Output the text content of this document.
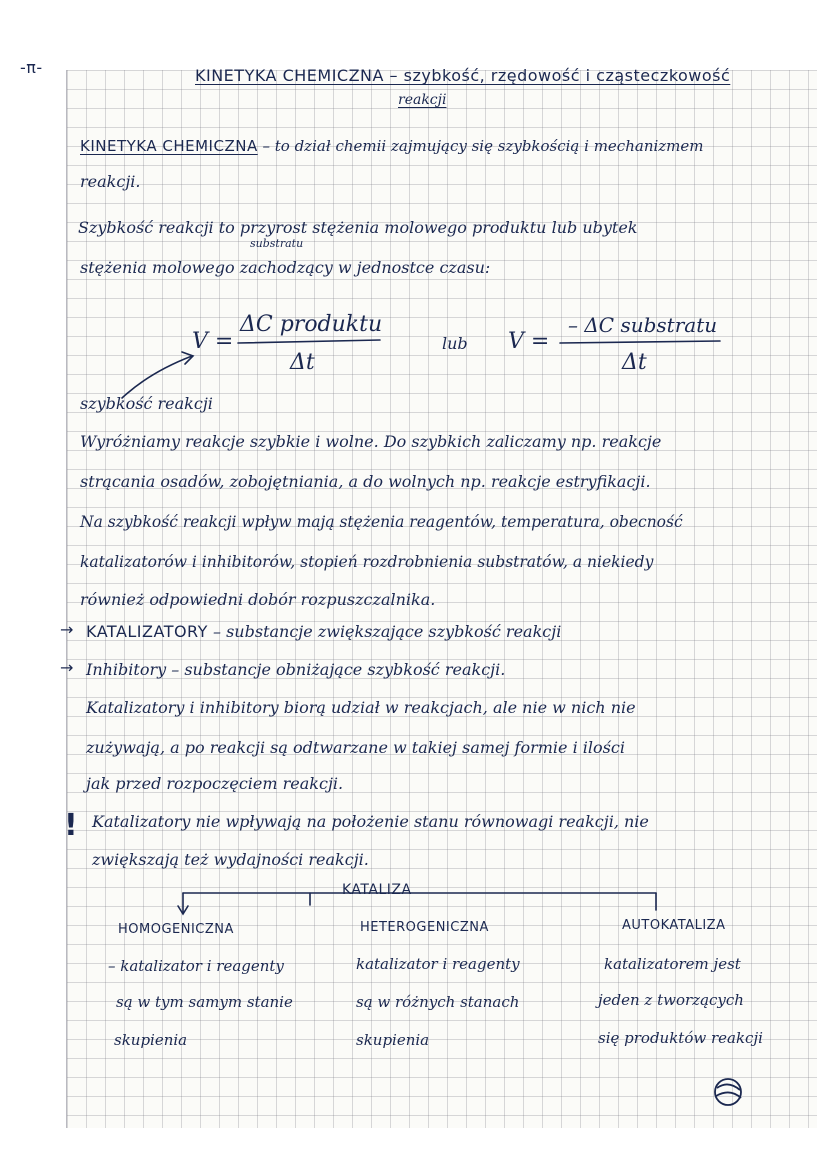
-π-	KINETYKA CHEMICZNA – szybkość, rzędowość i cząsteczkowość
reakcji
KINETYKA CHEMICZNA – to dział chemii zajmujący się szybkością i mechanizmem
reakcji.
Szybkość reakcji to przyrost stężenia molowego produktu lub ubytek
substratu
stężenia molowego zachodzący w jednostce czasu:
V =
ΔC produktu
Δt
lub V =
– ΔC substratu
Δt
szybkość reakcji
Wyróżniamy reakcje szybkie i wolne. Do szybkich zaliczamy np. reakcje
strącania osadów, zobojętniania, a do wolnych np. reakcje estryfikacji.
Na szybkość reakcji wpływ mają stężenia reagentów, temperatura, obecność
katalizatorów i inhibitorów, stopień rozdrobnienia substratów, a niekiedy
również odpowiedni dobór rozpuszczalnika.
→ KATALIZATORY – substancje zwiększające szybkość reakcji
→ Inhibitory – substancje obniżające szybkość reakcji.
Katalizatory i inhibitory biorą udział w reakcjach, ale nie w nich nie
zużywają, a po reakcji są odtwarzane w takiej samej formie i ilości
jak przed rozpoczęciem reakcji.
! Katalizatory nie wpływają na położenie stanu równowagi reakcji, nie
zwiększają też wydajności reakcji.
KATALIZA
HOMOGENICZNA
– katalizator i reagenty
są w tym samym stanie
skupienia
HETEROGENICZNA
katalizator i reagenty
są w różnych stanach
skupienia
AUTOKATALIZA
katalizatorem jest
jeden z tworzących
się produktów reakcji
